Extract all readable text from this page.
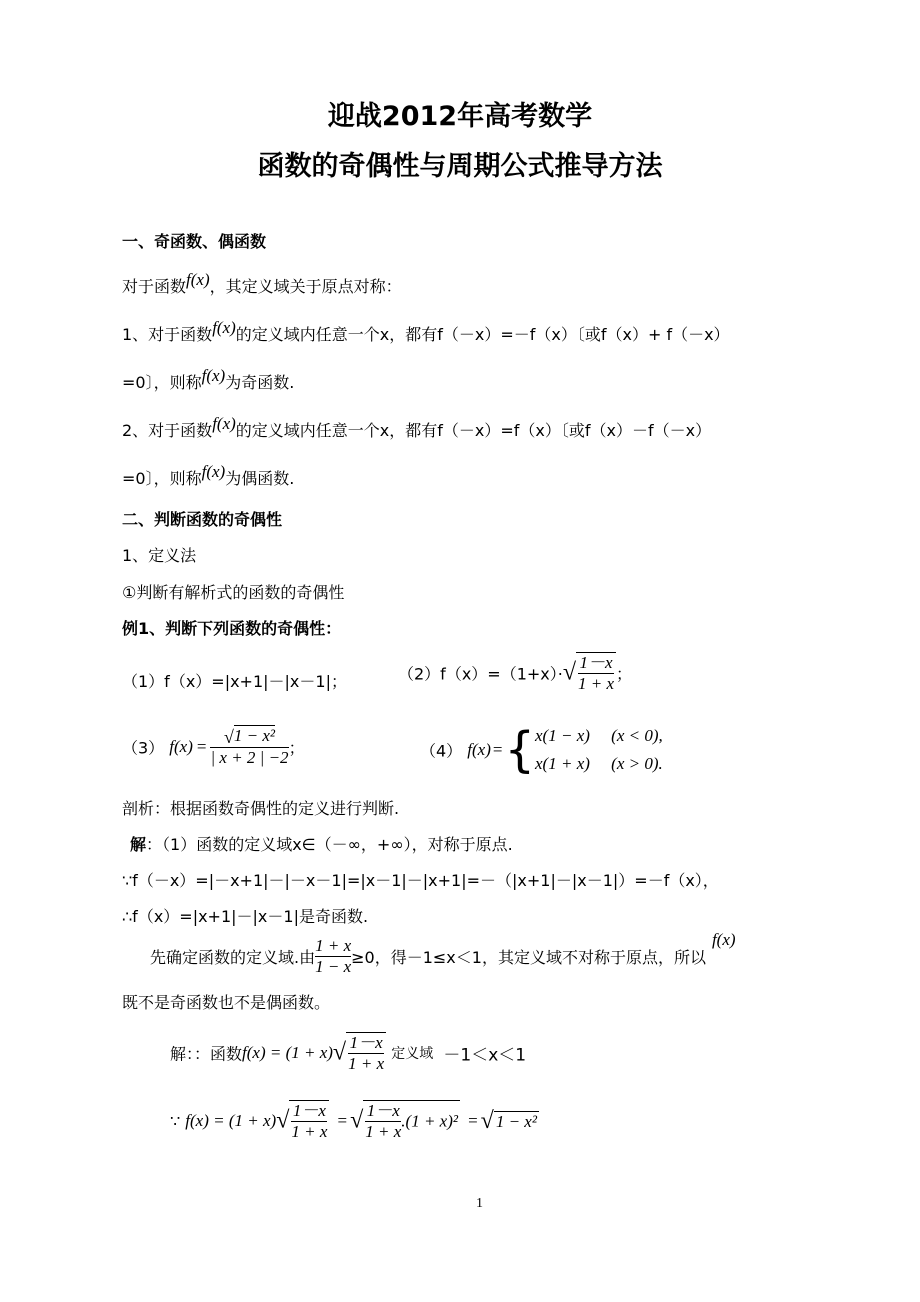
迎战2012年高考数学
函数的奇偶性与周期公式推导方法
一、奇函数、偶函数
对于函数f(x)，其定义域关于原点对称：
1、对于函数f(x)的定义域内任意一个x，都有f（－x）=－f（x）〔或f（x）+ f（－x）
=0〕，则称f(x)为奇函数.
2、对于函数f(x)的定义域内任意一个x，都有f（－x）=f（x）〔或f（x）－f（－x）
=0〕，则称f(x)为偶函数.
二、判断函数的奇偶性
1、定义法
①判断有解析式的函数的奇偶性
例1、判断下列函数的奇偶性：
（1）f（x）=|x+1|－|x－1|；	$(2)f(x)=(1+x)\cdot√ \frac{1-x}{1 + x}$ ；
（3） $f(x) = \frac{\text{√1 − x²}}{| x + 2 | -2}$ ；	（4） f(x) ={ x(1 − x) (x < 0),
x(1 + x) (x > 0).
剖析：根据函数奇偶性的定义进行判断.
解：（1）函数的定义域x∈（－∞，+∞），对称于原点.
∵f（－x）=|－x+1|－|－x－1|=|x－1|－|x+1|=－（|x+1|－|x－1|）=－f（x），
∴f（x）=|x+1|－|x－1|是奇函数.
先确定函数的定义域.由 $\frac{1 + x}{1 - x} \ge 0$，得－1≤x＜1，其定义域不对称于原点，所以f(x)
既不是奇函数也不是偶函数。
解：：函数$f(x) = (1 + x)√ \frac{1-x}{1 + x}$ 定义域 －1＜x＜1
∵ $f(x) = (1 + x)√ \frac{1-x}{1 + x}$ = √ $\frac{1-x}{1 + x} .(1 + x)^2$ = √ 1 − x²
1
